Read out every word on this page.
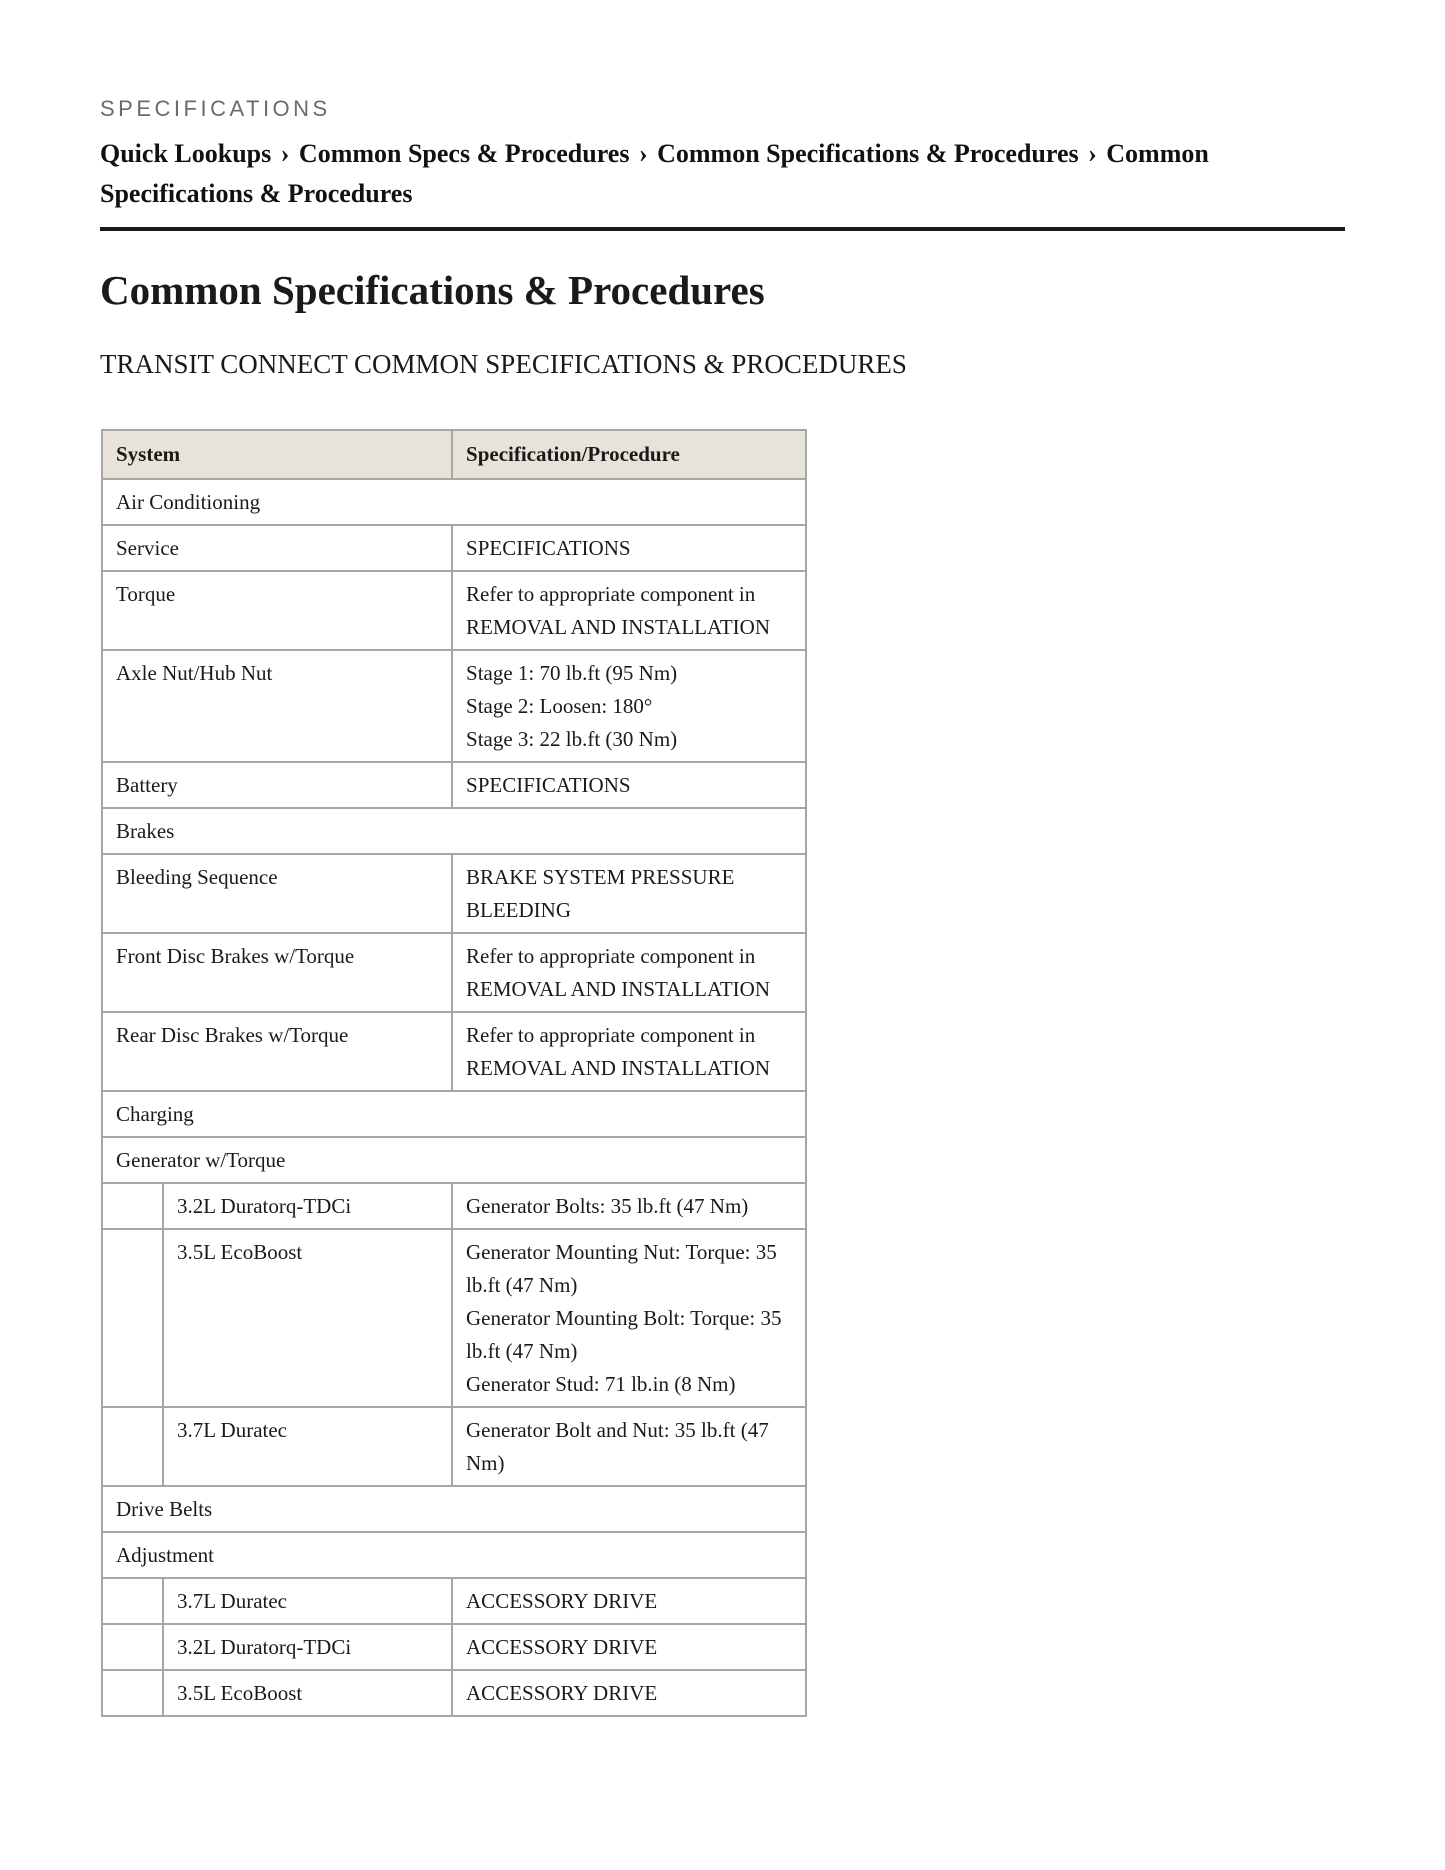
SPECIFICATIONS
Quick Lookups › Common Specs & Procedures › Common Specifications & Procedures › Common Specifications & Procedures
Common Specifications & Procedures
TRANSIT CONNECT COMMON SPECIFICATIONS & PROCEDURES
System		Specification/Procedure
Air Conditioning		
Service		SPECIFICATIONS
Torque		Refer to appropriate component in REMOVAL AND INSTALLATION
Axle Nut/Hub Nut		Stage 1: 70 lb.ft (95 Nm)
Stage 2: Loosen: 180°
Stage 3: 22 lb.ft (30 Nm)

Battery		SPECIFICATIONS
Brakes		
Bleeding Sequence		BRAKE SYSTEM PRESSURE BLEEDING
Front Disc Brakes w/Torque		Refer to appropriate component in REMOVAL AND INSTALLATION
Rear Disc Brakes w/Torque		Refer to appropriate component in REMOVAL AND INSTALLATION
Charging		
Generator w/Torque		
	3.2L Duratorq-TDCi	Generator Bolts: 35 lb.ft (47 Nm)
	3.5L EcoBoost	Generator Mounting Nut: Torque: 35 lb.ft (47 Nm)
Generator Mounting Bolt: Torque: 35 lb.ft (47 Nm)
Generator Stud: 71 lb.in (8 Nm)

	3.7L Duratec	Generator Bolt and Nut: 35 lb.ft (47 Nm)
Drive Belts		
Adjustment		
	3.7L Duratec	ACCESSORY DRIVE
	3.2L Duratorq-TDCi	ACCESSORY DRIVE
	3.5L EcoBoost	ACCESSORY DRIVE
